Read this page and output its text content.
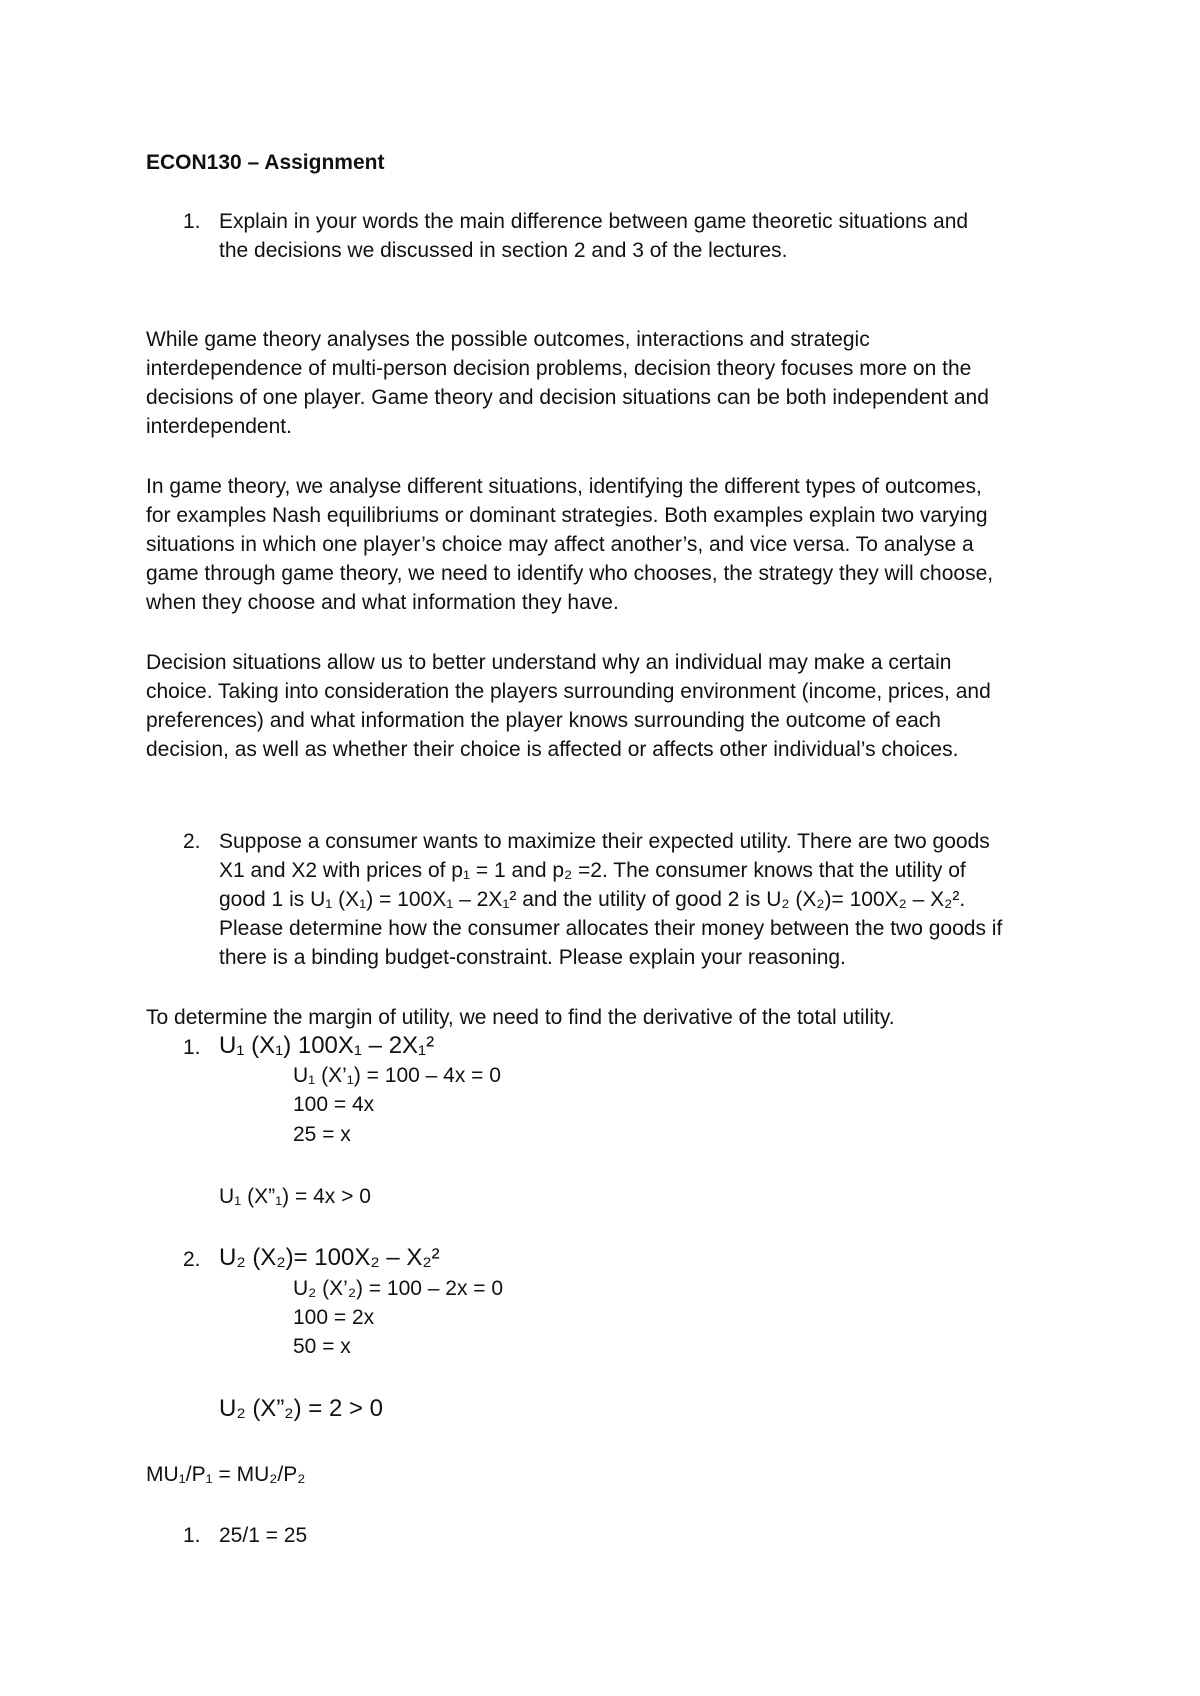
ECON130 – Assignment
1. Explain in your words the main difference between game theoretic situations and
the decisions we discussed in section 2 and 3 of the lectures.
While game theory analyses the possible outcomes, interactions and strategic
interdependence of multi-person decision problems, decision theory focuses more on the
decisions of one player. Game theory and decision situations can be both independent and
interdependent.
In game theory, we analyse different situations, identifying the different types of outcomes,
for examples Nash equilibriums or dominant strategies. Both examples explain two varying
situations in which one player’s choice may affect another’s, and vice versa. To analyse a
game through game theory, we need to identify who chooses, the strategy they will choose,
when they choose and what information they have.
Decision situations allow us to better understand why an individual may make a certain
choice. Taking into consideration the players surrounding environment (income, prices, and
preferences) and what information the player knows surrounding the outcome of each
decision, as well as whether their choice is affected or affects other individual’s choices.
2. Suppose a consumer wants to maximize their expected utility. There are two goods
X1 and X2 with prices of p₁ = 1 and p₂ =2. The consumer knows that the utility of
good 1 is U₁ (X₁) = 100X₁ – 2X₁² and the utility of good 2 is U₂ (X₂)= 100X₂ – X₂².
Please determine how the consumer allocates their money between the two goods if
there is a binding budget-constraint. Please explain your reasoning.
To determine the margin of utility, we need to find the derivative of the total utility.
1. U₁ (X₁) 100X₁ – 2X₁²
U₁ (X’₁) = 100 – 4x = 0
100 = 4x
25 = x
U₁ (X”₁) = 4x > 0
2. U₂ (X₂)= 100X₂ – X₂²
U₂ (X’₂) = 100 – 2x = 0
100 = 2x
50 = x
U₂ (X”₂) = 2 > 0
MU₁/P₁ = MU₂/P₂
1. 25/1 = 25
